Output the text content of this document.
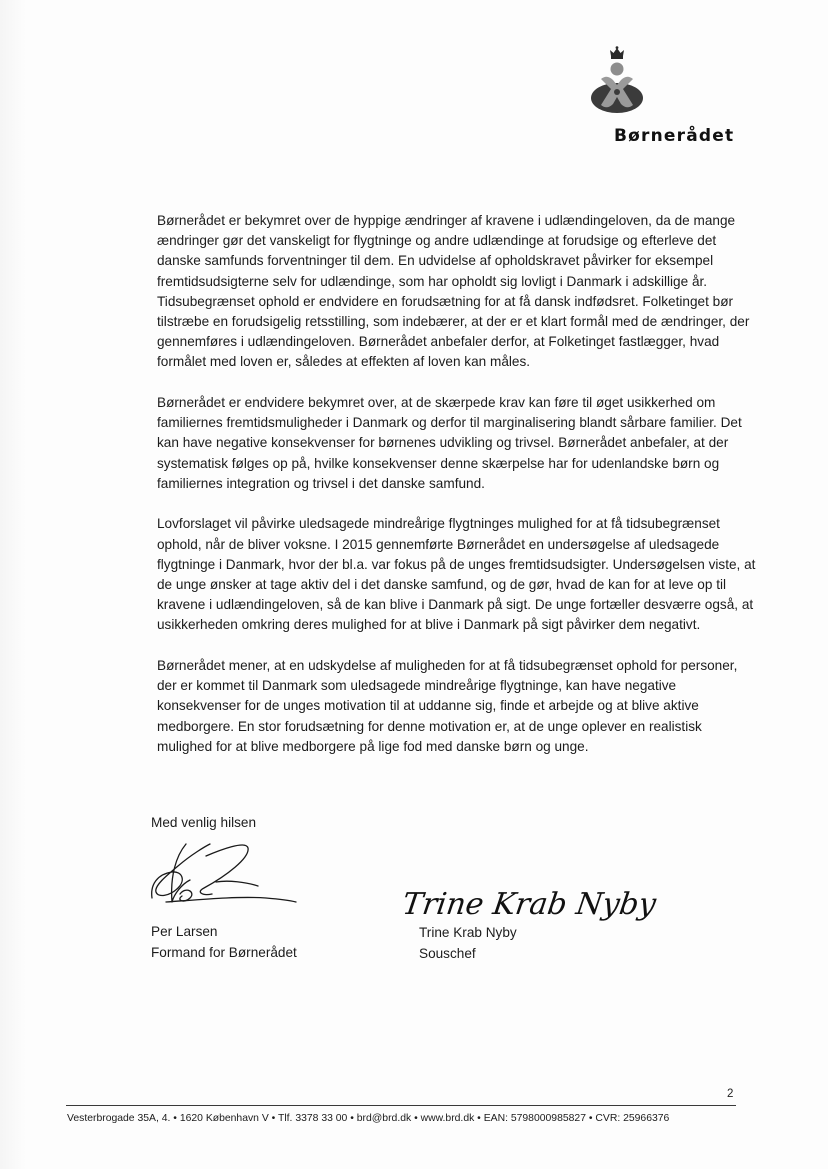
Børnerådet

Børnerådet er bekymret over de hyppige ændringer af kravene i udlændingeloven, da de mange ændringer gør det vanskeligt for flygtninge og andre udlændinge at forudsige og efterleve det danske samfunds forventninger til dem. En udvidelse af opholdskravet påvirker for eksempel fremtidsudsigterne selv for udlændinge, som har opholdt sig lovligt i Danmark i adskillige år. Tidsubegrænset ophold er endvidere en forudsætning for at få dansk indfødsret. Folketinget bør tilstræbe en forudsigelig retsstilling, som indebærer, at der er et klart formål med de ændringer, der gennemføres i udlændingeloven. Børnerådet anbefaler derfor, at Folketinget fastlægger, hvad formålet med loven er, således at effekten af loven kan måles.

Børnerådet er endvidere bekymret over, at de skærpede krav kan føre til øget usikkerhed om familiernes fremtidsmuligheder i Danmark og derfor til marginalisering blandt sårbare familier. Det kan have negative konsekvenser for børnenes udvikling og trivsel. Børnerådet anbefaler, at der systematisk følges op på, hvilke konsekvenser denne skærpelse har for udenlandske børn og familiernes integration og trivsel i det danske samfund.

Lovforslaget vil påvirke uledsagede mindreårige flygtninges mulighed for at få tidsubegrænset ophold, når de bliver voksne. I 2015 gennemførte Børnerådet en undersøgelse af uledsagede flygtninge i Danmark, hvor der bl.a. var fokus på de unges fremtidsudsigter. Undersøgelsen viste, at de unge ønsker at tage aktiv del i det danske samfund, og de gør, hvad de kan for at leve op til kravene i udlændingeloven, så de kan blive i Danmark på sigt. De unge fortæller desværre også, at usikkerheden omkring deres mulighed for at blive i Danmark på sigt påvirker dem negativt.

Børnerådet mener, at en udskydelse af muligheden for at få tidsubegrænset ophold for personer, der er kommet til Danmark som uledsagede mindreårige flygtninge, kan have negative konsekvenser for de unges motivation til at uddanne sig, finde et arbejde og at blive aktive medborgere. En stor forudsætning for denne motivation er, at de unge oplever en realistisk mulighed for at blive medborgere på lige fod med danske børn og unge.

Med venlig hilsen
Trine Krab Nyby
Per Larsen
Formand for Børnerådet
Trine Krab Nyby
Souschef
2
Vesterbrogade 35A, 4. • 1620 København V • Tlf. 3378 33 00 • brd@brd.dk • www.brd.dk • EAN: 5798000985827 • CVR: 25966376
